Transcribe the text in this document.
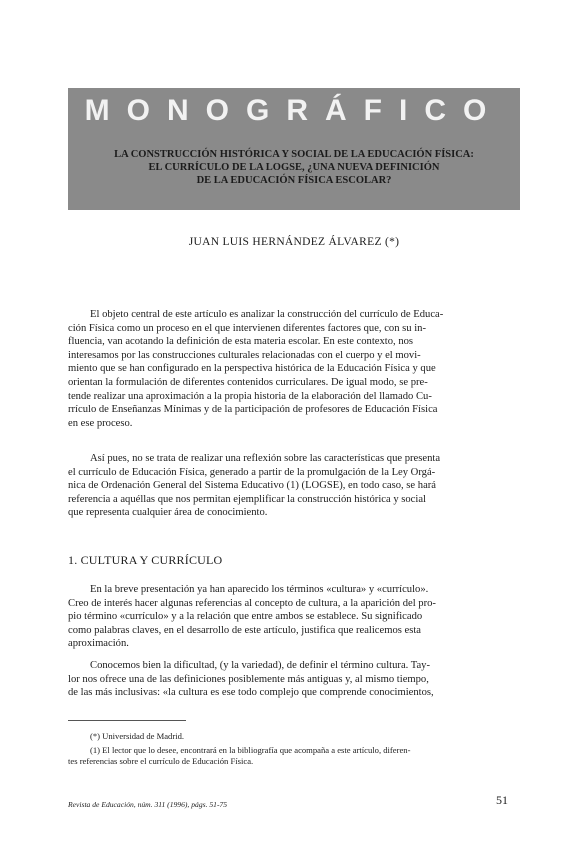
MONOGRÁFICO
LA CONSTRUCCIÓN HISTÓRICA Y SOCIAL DE LA EDUCACIÓN FÍSICA:
EL CURRÍCULO DE LA LOGSE, ¿UNA NUEVA DEFINICIÓN
DE LA EDUCACIÓN FÍSICA ESCOLAR?
JUAN LUIS HERNÁNDEZ ÁLVAREZ (*)
El objeto central de este artículo es analizar la construcción del currículo de Educa-
ción Física como un proceso en el que intervienen diferentes factores que, con su in-
fluencia, van acotando la definición de esta materia escolar. En este contexto, nos
interesamos por las construcciones culturales relacionadas con el cuerpo y el movi-
miento que se han configurado en la perspectiva histórica de la Educación Física y que
orientan la formulación de diferentes contenidos curriculares. De igual modo, se pre-
tende realizar una aproximación a la propia historia de la elaboración del llamado Cu-
rrículo de Enseñanzas Mínimas y de la participación de profesores de Educación Física
en ese proceso.
Así pues, no se trata de realizar una reflexión sobre las características que presenta
el currículo de Educación Física, generado a partir de la promulgación de la Ley Orgá-
nica de Ordenación General del Sistema Educativo (1) (LOGSE), en todo caso, se hará
referencia a aquéllas que nos permitan ejemplificar la construcción histórica y social
que representa cualquier área de conocimiento.
1. CULTURA Y CURRÍCULO
En la breve presentación ya han aparecido los términos «cultura» y «currículo».
Creo de interés hacer algunas referencias al concepto de cultura, a la aparición del pro-
pio término «currículo» y a la relación que entre ambos se establece. Su significado
como palabras claves, en el desarrollo de este artículo, justifica que realicemos esta
aproximación.
Conocemos bien la dificultad, (y la variedad), de definir el término cultura. Tay-
lor nos ofrece una de las definiciones posiblemente más antiguas y, al mismo tiempo,
de las más inclusivas: «la cultura es ese todo complejo que comprende conocimientos,
(*) Universidad de Madrid.
(1) El lector que lo desee, encontrará en la bibliografía que acompaña a este artículo, diferen-
tes referencias sobre el currículo de Educación Física.
Revista de Educación, núm. 311 (1996), págs. 51-75	51
